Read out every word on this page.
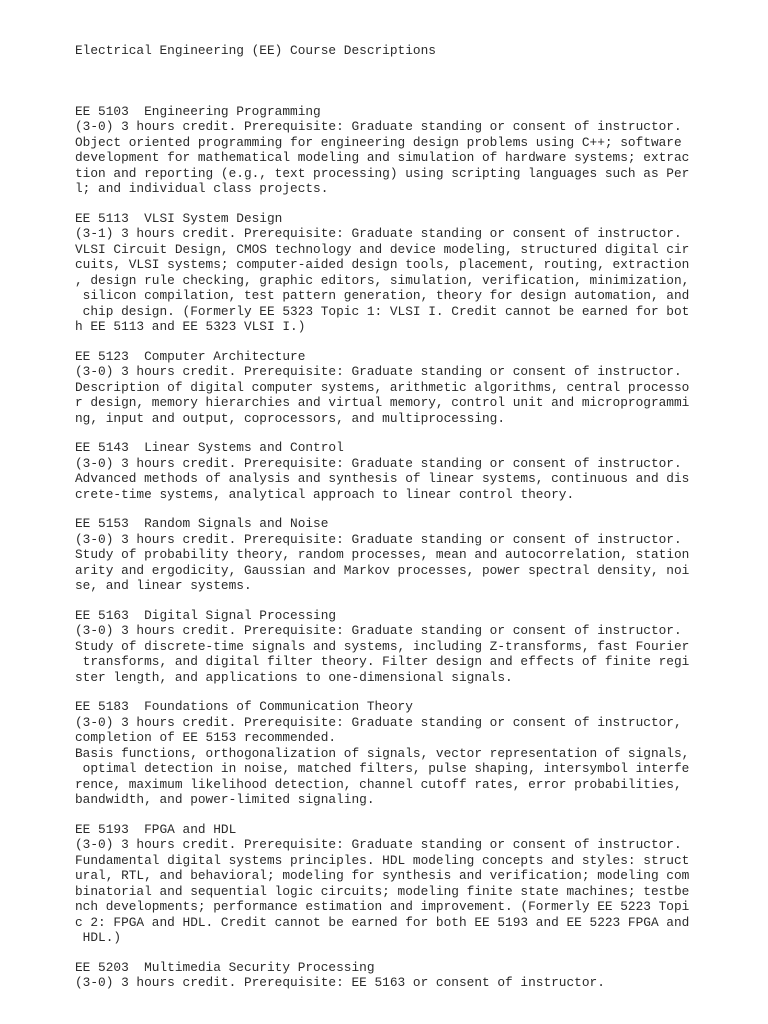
Electrical Engineering (EE) Course Descriptions

EE 5103  Engineering Programming
(3-0) 3 hours credit. Prerequisite: Graduate standing or consent of instructor.
Object oriented programming for engineering design problems using C++; software
development for mathematical modeling and simulation of hardware systems; extrac
tion and reporting (e.g., text processing) using scripting languages such as Per
l; and individual class projects.
EE 5113  VLSI System Design
(3-1) 3 hours credit. Prerequisite: Graduate standing or consent of instructor.
VLSI Circuit Design, CMOS technology and device modeling, structured digital cir
cuits, VLSI systems; computer-aided design tools, placement, routing, extraction
, design rule checking, graphic editors, simulation, verification, minimization,
silicon compilation, test pattern generation, theory for design automation, and
chip design. (Formerly EE 5323 Topic 1: VLSI I. Credit cannot be earned for bot
h EE 5113 and EE 5323 VLSI I.)
EE 5123  Computer Architecture
(3-0) 3 hours credit. Prerequisite: Graduate standing or consent of instructor.
Description of digital computer systems, arithmetic algorithms, central processo
r design, memory hierarchies and virtual memory, control unit and microprogrammi
ng, input and output, coprocessors, and multiprocessing.
EE 5143  Linear Systems and Control
(3-0) 3 hours credit. Prerequisite: Graduate standing or consent of instructor.
Advanced methods of analysis and synthesis of linear systems, continuous and dis
crete-time systems, analytical approach to linear control theory.
EE 5153  Random Signals and Noise
(3-0) 3 hours credit. Prerequisite: Graduate standing or consent of instructor.
Study of probability theory, random processes, mean and autocorrelation, station
arity and ergodicity, Gaussian and Markov processes, power spectral density, noi
se, and linear systems.
EE 5163  Digital Signal Processing
(3-0) 3 hours credit. Prerequisite: Graduate standing or consent of instructor.
Study of discrete-time signals and systems, including Z-transforms, fast Fourier
transforms, and digital filter theory. Filter design and effects of finite regi
ster length, and applications to one-dimensional signals.
EE 5183  Foundations of Communication Theory
(3-0) 3 hours credit. Prerequisite: Graduate standing or consent of instructor,
completion of EE 5153 recommended.
Basis functions, orthogonalization of signals, vector representation of signals,
optimal detection in noise, matched filters, pulse shaping, intersymbol interfe
rence, maximum likelihood detection, channel cutoff rates, error probabilities,
bandwidth, and power-limited signaling.
EE 5193  FPGA and HDL
(3-0) 3 hours credit. Prerequisite: Graduate standing or consent of instructor.
Fundamental digital systems principles. HDL modeling concepts and styles: struct
ural, RTL, and behavioral; modeling for synthesis and verification; modeling com
binatorial and sequential logic circuits; modeling finite state machines; testbe
nch developments; performance estimation and improvement. (Formerly EE 5223 Topi
c 2: FPGA and HDL. Credit cannot be earned for both EE 5193 and EE 5223 FPGA and
HDL.)
EE 5203  Multimedia Security Processing
(3-0) 3 hours credit. Prerequisite: EE 5163 or consent of instructor.
